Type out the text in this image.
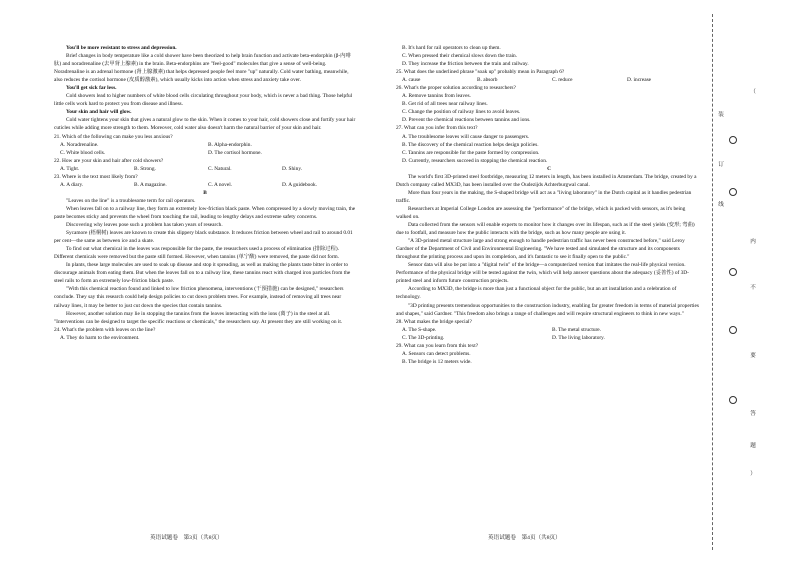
You'll be more resistant to stress and depression.

Brief changes in body temperature like a cold shower have been theorized to help brain function and activate beta-endorphin (β-内啡肽) and noradrenaline (去甲肾上腺素) in the brain. Beta-endorphins are "feel-good" molecules that give a sense of well-being. Noradrenaline is an adrenal hormone (肾上腺激素) that helps depressed people feel more "up" naturally. Cold water bathing, meanwhile, also reduces the cortisol hormone (皮质醇激素), which usually kicks into action when stress and anxiety take over.

You'll get sick far less.

Cold showers lead to higher numbers of white blood cells circulating throughout your body, which is never a bad thing. Those helpful little cells work hard to protect you from disease and illness.

Your skin and hair will glow.

Cold water tightens your skin that gives a natural glow to the skin. When it comes to your hair, cold showers close and fortify your hair cuticles while adding more strength to them. Moreover, cold water also doesn't harm the natural barrier of your skin and hair.

21. Which of the following can make you less anxious?

A. Noradrenaline.	B. Alpha-endorphin.
C. White blood cells.	D. The cortisol hormone.

22. How are your skin and hair after cold showers?

A. Tight.	B. Strong.	C. Natural.	D. Shiny.

23. Where is the text most likely from?

A. A diary.	B. A magazine.	C. A novel.	D. A guidebook.

B

"Leaves on the line" is a troublesome term for rail operators.

When leaves fall on to a railway line, they form an extremely low-friction black paste. When compressed by a slowly moving train, the paste becomes sticky and prevents the wheel from touching the rail, leading to lengthy delays and extreme safety concerns.

Discovering why leaves pose such a problem has taken years of research.

Sycamore (梧桐树) leaves are known to create this slippery black substance. It reduces friction between wheel and rail to around 0.01 per cent—the same as between ice and a skate.

To find out what chemical in the leaves was responsible for the paste, the researchers used a process of elimination (排除过程). Different chemicals were removed but the paste still formed. However, when tannins (单宁酸) were removed, the paste did not form.

In plants, these large molecules are used to soak up disease and stop it spreading, as well as making the plants taste bitter in order to discourage animals from eating them. But when the leaves fall on to a railway line, these tannins react with charged iron particles from the steel rails to form an extremely low-friction black paste.

"With this chemical reaction found and linked to low friction phenomena, interventions (干预措施) can be designed," researchers conclude. They say this research could help design policies to cut down problem trees. For example, instead of removing all trees near railway lines, it may be better to just cut down the species that contain tannins.

However, another solution may lie in stopping the tannins from the leaves interacting with the ions (离子) in the steel at all. "Interventions can be designed to target the specific reactions or chemicals," the researchers say. At present they are still working on it.

24. What's the problem with leaves on the line?

A. They do harm to the environment.

B. It's hard for rail operators to clean up them.

C. When pressed their chemical slows down the train.

D. They increase the friction between the train and railway.

25. What does the underlined phrase "soak up" probably mean in Paragraph 6?

A. cause	B. absorb	C. reduce	D. increase

26. What's the proper solution according to researchers?

A. Remove tannins from leaves.

B. Get rid of all trees near railway lines.

C. Change the position of railway lines to avoid leaves.

D. Prevent the chemical reactions between tannins and ions.

27. What can you infer from this text?

A. The troublesome leaves will cause danger to passengers.

B. The discovery of the chemical reaction helps design policies.

C. Tannins are responsible for the paste formed by compression.

D. Currently, researchers succeed in stopping the chemical reaction.

C

The world's first 3D-printed steel footbridge, measuring 12 meters in length, has been installed in Amsterdam. The bridge, created by a Dutch company called MX3D, has been installed over the Oudezijds Achterburgwal canal.

More than four years in the making, the S-shaped bridge will act as a "living laboratory" in the Dutch capital as it handles pedestrian traffic.

Researchers at Imperial College London are assessing the "performance" of the bridge, which is packed with sensors, as it's being walked on.

Data collected from the sensors will enable experts to monitor how it changes over its lifespan, such as if the steel yields (变形; 弯曲) due to footfall, and measure how the public interacts with the bridge, such as how many people are using it.

"A 3D-printed metal structure large and strong enough to handle pedestrian traffic has never been constructed before," said Leroy Gardner of the Department of Civil and Environmental Engineering. "We have tested and simulated the structure and its components throughout the printing process and upon its completion, and it's fantastic to see it finally open to the public."

Sensor data will also be put into a "digital twin" of the bridge—a computerized version that imitates the real-life physical version. Performance of the physical bridge will be tested against the twin, which will help answer questions about the adequacy (妥善性) of 3D-printed steel and inform future construction projects.

According to MX3D, the bridge is more than just a functional object for the public, but an art installation and a celebration of technology.

"3D printing presents tremendous opportunities to the construction industry, enabling far greater freedom in terms of material properties and shapes," said Gardner. "This freedom also brings a range of challenges and will require structural engineers to think in new ways."

28. What makes the bridge special?

A. The S-shape.	B. The metal structure.
C. The 3D-printing.	D. The living laboratory.

29. What can you learn from this text?

A. Sensors can detect problems.

B. The bridge is 12 meters wide.

英语试题卷　第3页（共8页）	英语试题卷　第4页（共8页）
装
订
线
（
内
不
要
答
题
）
